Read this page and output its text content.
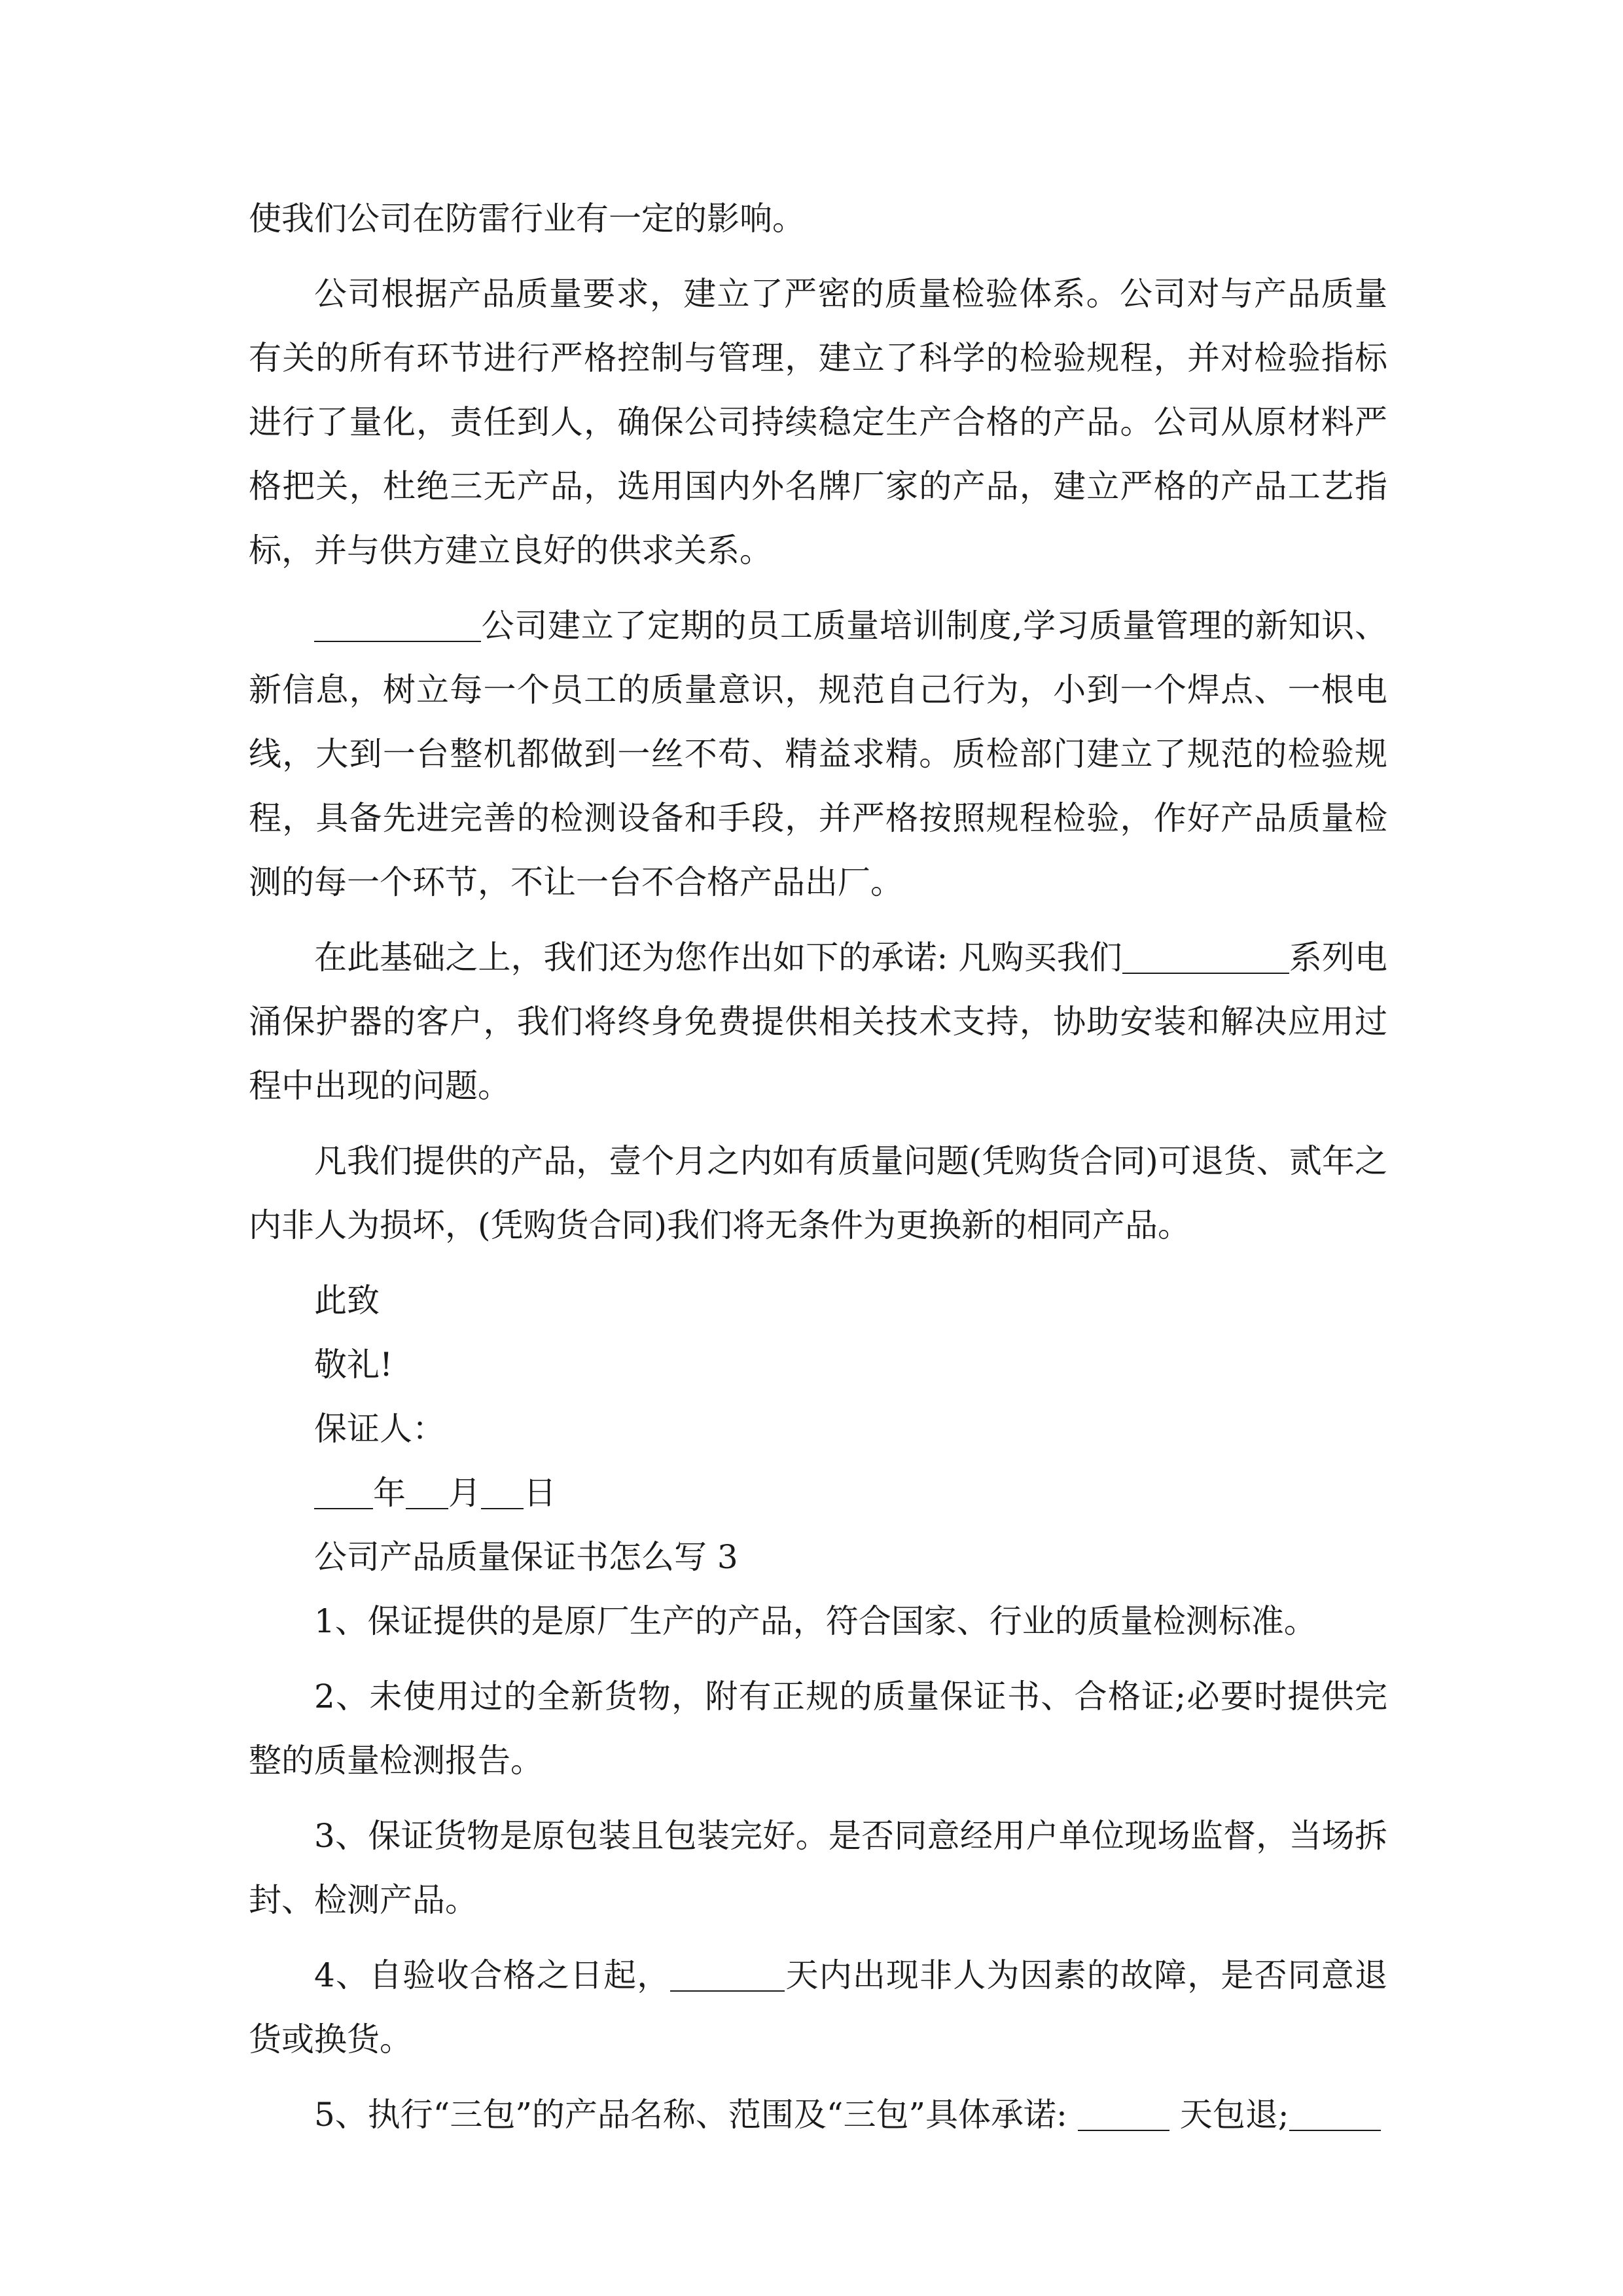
使我们公司在防雷行业有一定的影响。

公司根据产品质量要求，建立了严密的质量检验体系。公司对与产品质量有关的所有环节进行严格控制与管理，建立了科学的检验规程，并对检验指标进行了量化，责任到人，确保公司持续稳定生产合格的产品。公司从原材料严格把关，杜绝三无产品，选用国内外名牌厂家的产品，建立严格的产品工艺指标，并与供方建立良好的供求关系。

公司建立了定期的员工质量培训制度,学习质量管理的新知识、新信息，树立每一个员工的质量意识，规范自己行为，小到一个焊点、一根电线，大到一台整机都做到一丝不苟、精益求精。质检部门建立了规范的检验规程，具备先进完善的检测设备和手段，并严格按照规程检验，作好产品质量检测的每一个环节，不让一台不合格产品出厂。

在此基础之上，我们还为您作出如下的承诺: 凡购买我们	系列电涌保护器的客户，我们将终身免费提供相关技术支持，协助安装和解决应用过程中出现的问题。

凡我们提供的产品，壹个月之内如有质量问题(凭购货合同)可退货、贰年之内非人为损坏，(凭购货合同)我们将无条件为更换新的相同产品。

此致

敬礼!

保证人：

年 月 日

公司产品质量保证书怎么写 3

1、保证提供的是原厂生产的产品，符合国家、行业的质量检测标准。

2、未使用过的全新货物，附有正规的质量保证书、合格证;必要时提供完整的质量检测报告。

3、保证货物是原包装且包装完好。是否同意经用户单位现场监督，当场拆封、检测产品。

4、自验收合格之日起，	天内出现非人为因素的故障，是否同意退货或换货。

5、执行“三包”的产品名称、范围及“三包”具体承诺:	天包退;
